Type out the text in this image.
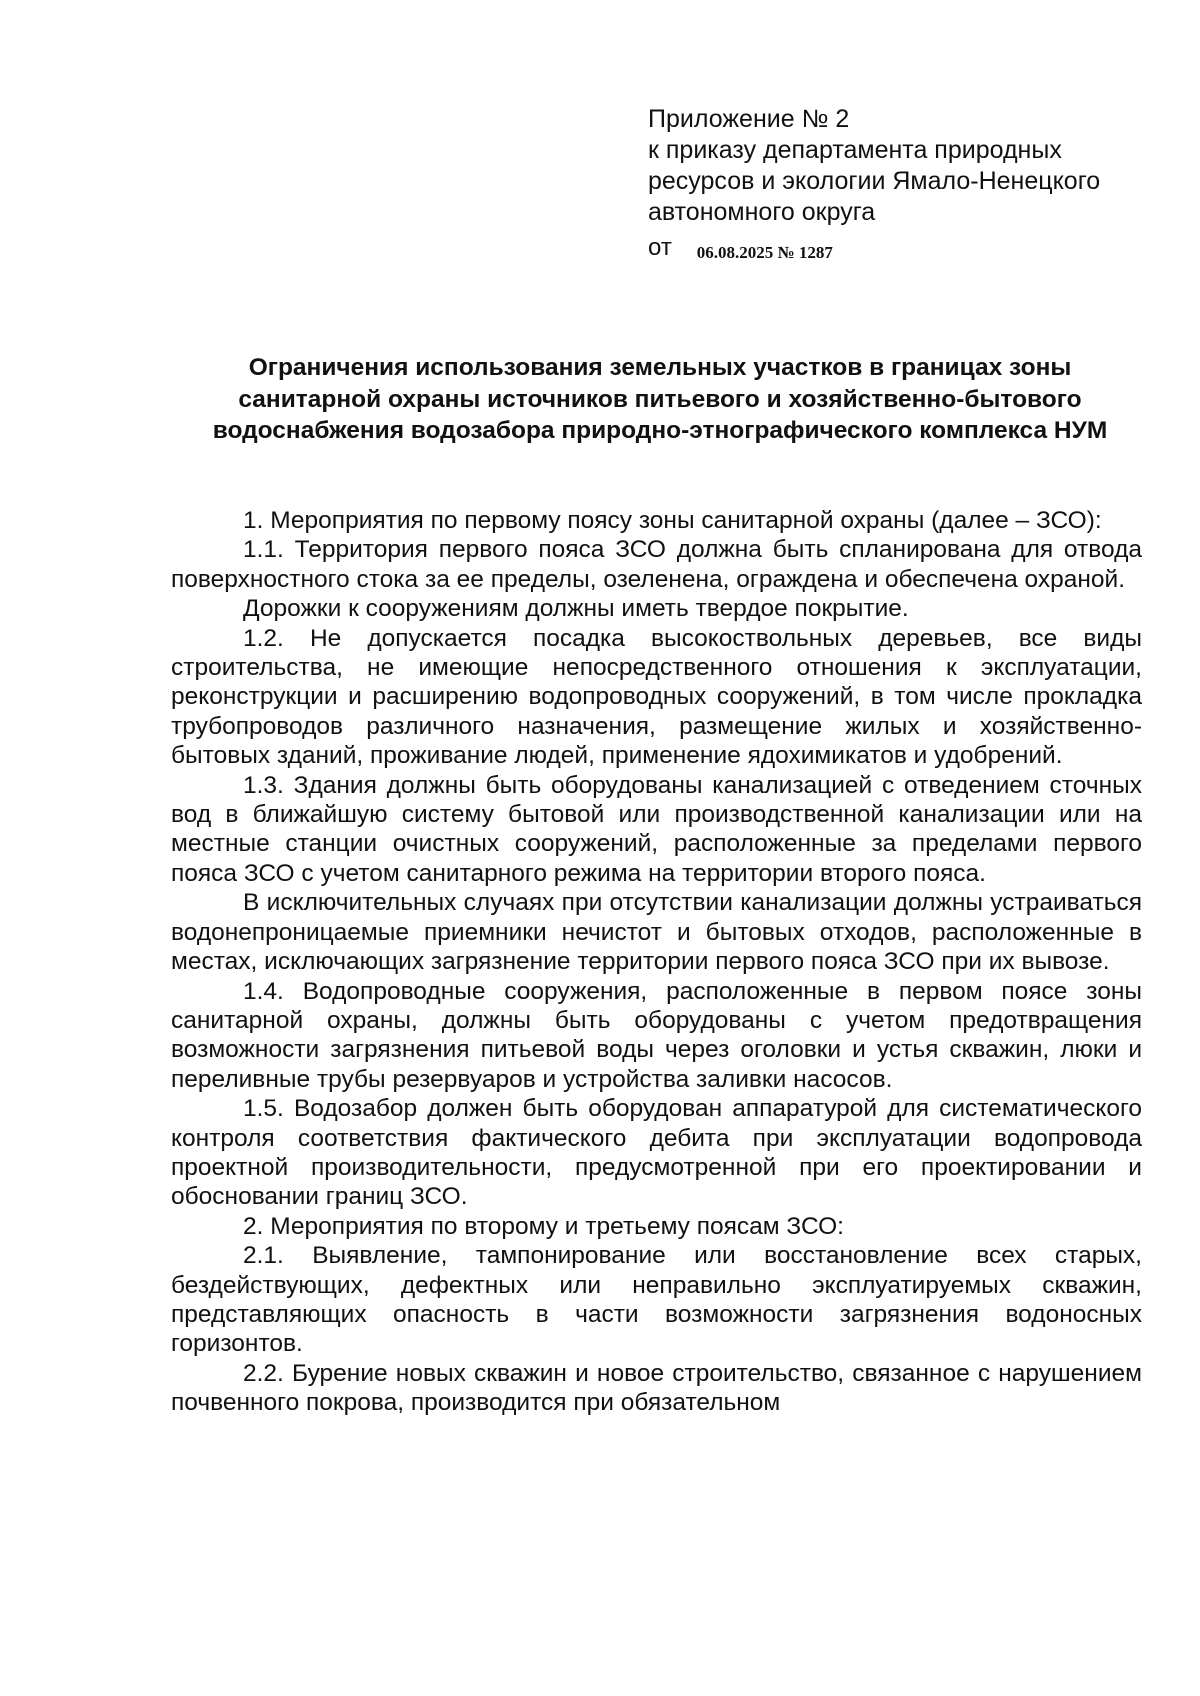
Приложение № 2
к приказу департамента природных
ресурсов и экологии Ямало-Ненецкого
автономного округа
от 06.08.2025 № 1287
Ограничения использования земельных участков в границах зоны
санитарной охраны источников питьевого и хозяйственно-бытового
водоснабжения водозабора природно-этнографического комплекса НУМ

1. Мероприятия по первому поясу зоны санитарной охраны (далее – ЗСО):

1.1. Территория первого пояса ЗСО должна быть спланирована для отвода поверхностного стока за ее пределы, озеленена, ограждена и обеспечена охраной.

Дорожки к сооружениям должны иметь твердое покрытие.

1.2. Не допускается посадка высокоствольных деревьев, все виды строительства, не имеющие непосредственного отношения к эксплуатации, реконструкции и расширению водопроводных сооружений, в том числе прокладка трубопроводов различного назначения, размещение жилых и хозяйственно-бытовых зданий, проживание людей, применение ядохимикатов и удобрений.

1.3. Здания должны быть оборудованы канализацией с отведением сточных вод в ближайшую систему бытовой или производственной канализации или на местные станции очистных сооружений, расположенные за пределами первого пояса ЗСО с учетом санитарного режима на территории второго пояса.

В исключительных случаях при отсутствии канализации должны устраиваться водонепроницаемые приемники нечистот и бытовых отходов, расположенные в местах, исключающих загрязнение территории первого пояса ЗСО при их вывозе.

1.4. Водопроводные сооружения, расположенные в первом поясе зоны санитарной охраны, должны быть оборудованы с учетом предотвращения возможности загрязнения питьевой воды через оголовки и устья скважин, люки и переливные трубы резервуаров и устройства заливки насосов.

1.5. Водозабор должен быть оборудован аппаратурой для систематического контроля соответствия фактического дебита при эксплуатации водопровода проектной производительности, предусмотренной при его проектировании и обосновании границ ЗСО.

2. Мероприятия по второму и третьему поясам ЗСО:

2.1. Выявление, тампонирование или восстановление всех старых, бездействующих, дефектных или неправильно эксплуатируемых скважин, представляющих опасность в части возможности загрязнения водоносных горизонтов.

2.2. Бурение новых скважин и новое строительство, связанное с нарушением почвенного покрова, производится при обязательном
